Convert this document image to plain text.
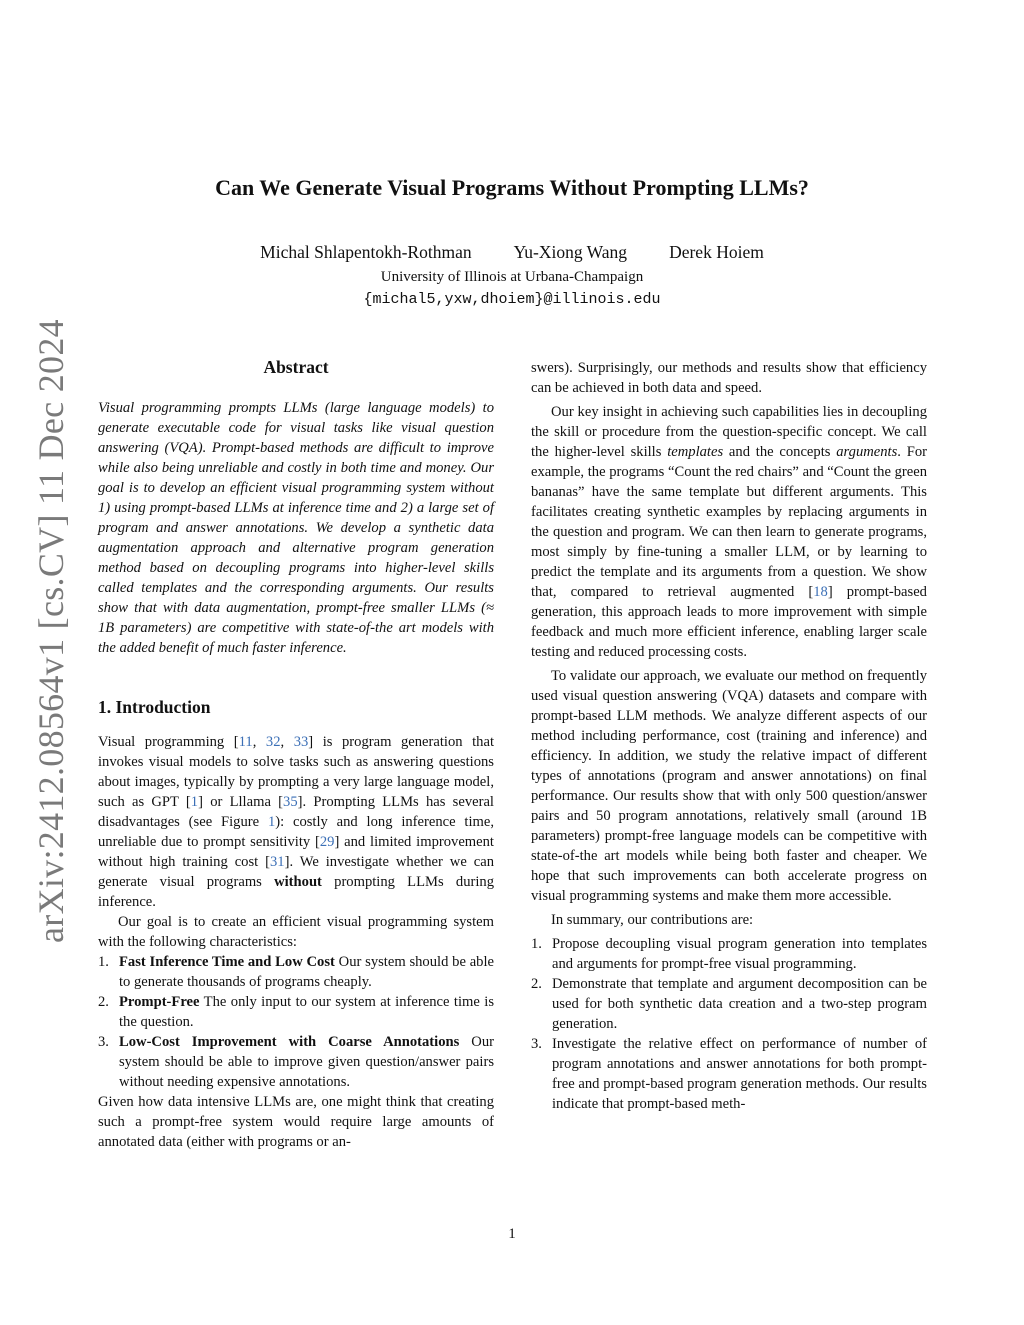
arXiv:2412.08564v1 [cs.CV] 11 Dec 2024
Can We Generate Visual Programs Without Prompting LLMs?
Michal Shlapentokh-Rothman Yu-Xiong Wang Derek Hoiem
University of Illinois at Urbana-Champaign
{michal5,yxw,dhoiem}@illinois.edu
Abstract

Visual programming prompts LLMs (large language models) to generate executable code for visual tasks like visual question answering (VQA). Prompt-based methods are difficult to improve while also being unreliable and costly in both time and money. Our goal is to develop an efficient visual programming system without 1) using prompt-based LLMs at inference time and 2) a large set of program and answer annotations. We develop a synthetic data augmentation approach and alternative program generation method based on decoupling programs into higher-level skills called templates and the corresponding arguments. Our results show that with data augmentation, prompt-free smaller LLMs (≈ 1B parameters) are competitive with state-of-the art models with the added benefit of much faster inference.

1. Introduction

Visual programming [11, 32, 33] is program generation that invokes visual models to solve tasks such as answering questions about images, typically by prompting a very large language model, such as GPT [1] or Lllama [35]. Prompting LLMs has several disadvantages (see Figure 1): costly and long inference time, unreliable due to prompt sensitivity [29] and limited improvement without high training cost [31]. We investigate whether we can generate visual programs without prompting LLMs during inference.

Our goal is to create an efficient visual programming system with the following characteristics:

1. Fast Inference Time and Low Cost Our system should be able to generate thousands of programs cheaply.
2. Prompt-Free The only input to our system at inference time is the question.
3. Low-Cost Improvement with Coarse Annotations Our system should be able to improve given question/answer pairs without needing expensive annotations.

Given how data intensive LLMs are, one might think that creating such a prompt-free system would require large amounts of annotated data (either with programs or an-

swers). Surprisingly, our methods and results show that efficiency can be achieved in both data and speed.

Our key insight in achieving such capabilities lies in decoupling the skill or procedure from the question-specific concept. We call the higher-level skills templates and the concepts arguments. For example, the programs “Count the red chairs” and “Count the green bananas” have the same template but different arguments. This facilitates creating synthetic examples by replacing arguments in the question and program. We can then learn to generate programs, most simply by fine-tuning a smaller LLM, or by learning to predict the template and its arguments from a question. We show that, compared to retrieval augmented [18] prompt-based generation, this approach leads to more improvement with simple feedback and much more efficient inference, enabling larger scale testing and reduced processing costs.

To validate our approach, we evaluate our method on frequently used visual question answering (VQA) datasets and compare with prompt-based LLM methods. We analyze different aspects of our method including performance, cost (training and inference) and efficiency. In addition, we study the relative impact of different types of annotations (program and answer annotations) on final performance. Our results show that with only 500 question/answer pairs and 50 program annotations, relatively small (around 1B parameters) prompt-free language models can be competitive with state-of-the art models while being both faster and cheaper. We hope that such improvements can both accelerate progress on visual programming systems and make them more accessible.

In summary, our contributions are:

1. Propose decoupling visual program generation into templates and arguments for prompt-free visual programming.
2. Demonstrate that template and argument decomposition can be used for both synthetic data creation and a two-step program generation.
3. Investigate the relative effect on performance of number of program annotations and answer annotations for both prompt-free and prompt-based program generation methods. Our results indicate that prompt-based meth-
1
